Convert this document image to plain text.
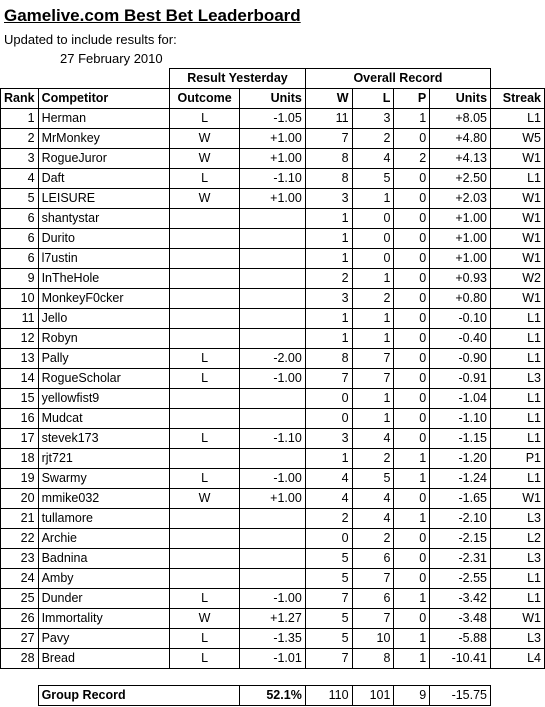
Gamelive.com Best Bet Leaderboard
Updated to include results for:
27 February 2010
		Result Yesterday		Overall Record				
Rank	Competitor	Outcome	Units	W	L	P	Units	Streak
1	Herman	L	-1.05	11	3	1	+8.05	L1
2	MrMonkey	W	+1.00	7	2	0	+4.80	W5
3	RogueJuror	W	+1.00	8	4	2	+4.13	W1
4	Daft	L	-1.10	8	5	0	+2.50	L1
5	LEISURE	W	+1.00	3	1	0	+2.03	W1
6	shantystar			1	0	0	+1.00	W1
6	Durito			1	0	0	+1.00	W1
6	l7ustin			1	0	0	+1.00	W1
9	InTheHole			2	1	0	+0.93	W2
10	MonkeyF0cker			3	2	0	+0.80	W1
11	Jello			1	1	0	-0.10	L1
12	Robyn			1	1	0	-0.40	L1
13	Pally	L	-2.00	8	7	0	-0.90	L1
14	RogueScholar	L	-1.00	7	7	0	-0.91	L3
15	yellowfist9			0	1	0	-1.04	L1
16	Mudcat			0	1	0	-1.10	L1
17	stevek173	L	-1.10	3	4	0	-1.15	L1
18	rjt721			1	2	1	-1.20	P1
19	Swarmy	L	-1.00	4	5	1	-1.24	L1
20	mmike032	W	+1.00	4	4	0	-1.65	W1
21	tullamore			2	4	1	-2.10	L3
22	Archie			0	2	0	-2.15	L2
23	Badnina			5	6	0	-2.31	L3
24	Amby			5	7	0	-2.55	L1
25	Dunder	L	-1.00	7	6	1	-3.42	L1
26	Immortality	W	+1.27	5	7	0	-3.48	W1
27	Pavy	L	-1.35	5	10	1	-5.88	L3
28	Bread	L	-1.01	7	8	1	-10.41	L4

	Group Record		52.1%	110	101	9	-15.75	
